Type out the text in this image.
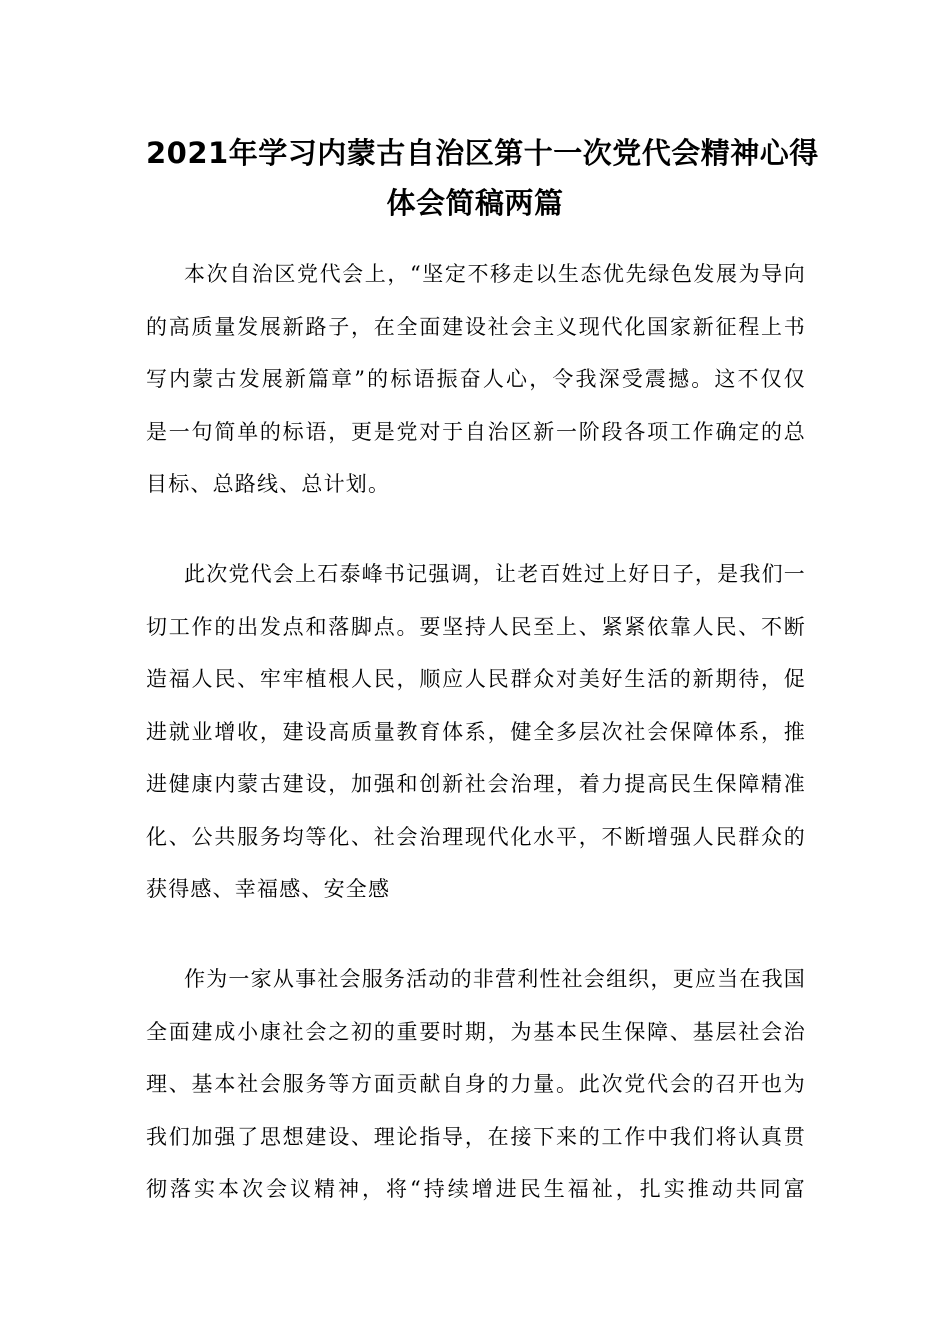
2021年学习内蒙古自治区第十一次党代会精神心得
体会简稿两篇
本次自治区党代会上，“坚定不移走以生态优先绿色发展为导向
的高质量发展新路子，在全面建设社会主义现代化国家新征程上书
写内蒙古发展新篇章”的标语振奋人心，令我深受震撼。这不仅仅
是一句简单的标语，更是党对于自治区新一阶段各项工作确定的总
目标、总路线、总计划。
此次党代会上石泰峰书记强调，让老百姓过上好日子，是我们一
切工作的出发点和落脚点。要坚持人民至上、紧紧依靠人民、不断
造福人民、牢牢植根人民，顺应人民群众对美好生活的新期待，促
进就业增收，建设高质量教育体系，健全多层次社会保障体系，推
进健康内蒙古建设，加强和创新社会治理，着力提高民生保障精准
化、公共服务均等化、社会治理现代化水平，不断增强人民群众的
获得感、幸福感、安全感
作为一家从事社会服务活动的非营利性社会组织，更应当在我国
全面建成小康社会之初的重要时期，为基本民生保障、基层社会治
理、基本社会服务等方面贡献自身的力量。此次党代会的召开也为
我们加强了思想建设、理论指导，在接下来的工作中我们将认真贯
彻落实本次会议精神，将“持续增进民生福祉，扎实推动共同富
